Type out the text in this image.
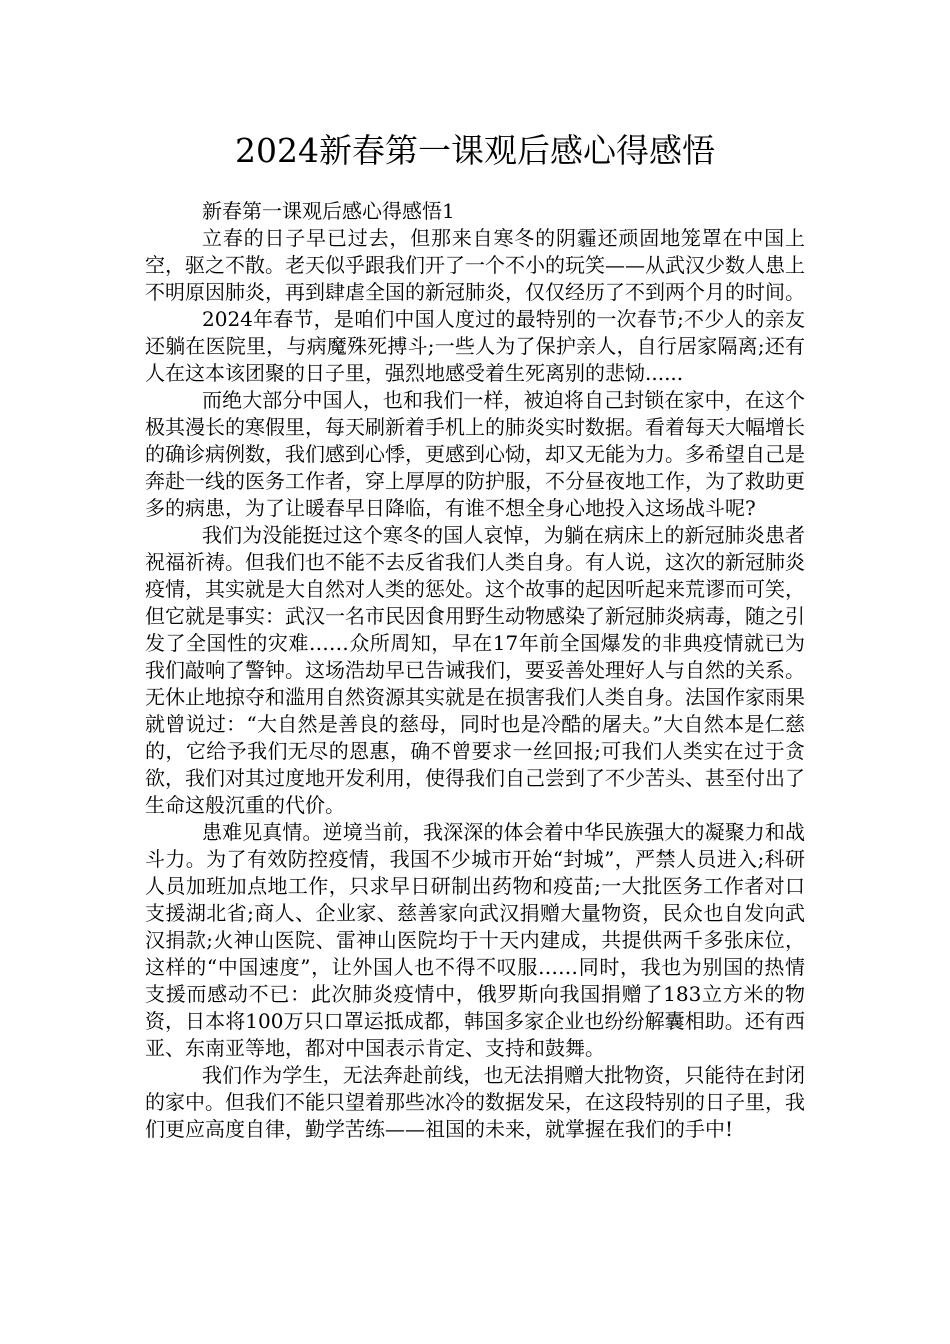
2024新春第一课观后感心得感悟

新春第一课观后感心得感悟1

立春的日子早已过去，但那来自寒冬的阴霾还顽固地笼罩在中国上空，驱之不散。老天似乎跟我们开了一个不小的玩笑——从武汉少数人患上不明原因肺炎，再到肆虐全国的新冠肺炎，仅仅经历了不到两个月的时间。

2024年春节，是咱们中国人度过的最特别的一次春节;不少人的亲友还躺在医院里，与病魔殊死搏斗;一些人为了保护亲人，自行居家隔离;还有人在这本该团聚的日子里，强烈地感受着生死离别的悲恸......

而绝大部分中国人，也和我们一样，被迫将自己封锁在家中，在这个极其漫长的寒假里，每天刷新着手机上的肺炎实时数据。看着每天大幅增长的确诊病例数，我们感到心悸，更感到心恸，却又无能为力。多希望自己是奔赴一线的医务工作者，穿上厚厚的防护服，不分昼夜地工作，为了救助更多的病患，为了让暖春早日降临，有谁不想全身心地投入这场战斗呢?

我们为没能挺过这个寒冬的国人哀悼，为躺在病床上的新冠肺炎患者祝福祈祷。但我们也不能不去反省我们人类自身。有人说，这次的新冠肺炎疫情，其实就是大自然对人类的惩处。这个故事的起因听起来荒谬而可笑，但它就是事实：武汉一名市民因食用野生动物感染了新冠肺炎病毒，随之引发了全国性的灾难……众所周知，早在17年前全国爆发的非典疫情就已为我们敲响了警钟。这场浩劫早已告诫我们，要妥善处理好人与自然的关系。无休止地掠夺和滥用自然资源其实就是在损害我们人类自身。法国作家雨果就曾说过：“大自然是善良的慈母，同时也是冷酷的屠夫。”大自然本是仁慈的，它给予我们无尽的恩惠，确不曾要求一丝回报;可我们人类实在过于贪欲，我们对其过度地开发利用，使得我们自己尝到了不少苦头、甚至付出了生命这般沉重的代价。

患难见真情。逆境当前，我深深的体会着中华民族强大的凝聚力和战斗力。为了有效防控疫情，我国不少城市开始“封城”，严禁人员进入;科研人员加班加点地工作，只求早日研制出药物和疫苗;一大批医务工作者对口支援湖北省;商人、企业家、慈善家向武汉捐赠大量物资，民众也自发向武汉捐款;火神山医院、雷神山医院均于十天内建成，共提供两千多张床位，这样的“中国速度”，让外国人也不得不叹服……同时，我也为别国的热情支援而感动不已：此次肺炎疫情中，俄罗斯向我国捐赠了183立方米的物资，日本将100万只口罩运抵成都，韩国多家企业也纷纷解囊相助。还有西亚、东南亚等地，都对中国表示肯定、支持和鼓舞。

我们作为学生，无法奔赴前线，也无法捐赠大批物资，只能待在封闭的家中。但我们不能只望着那些冰冷的数据发呆，在这段特别的日子里，我们更应高度自律，勤学苦练——祖国的未来，就掌握在我们的手中!
